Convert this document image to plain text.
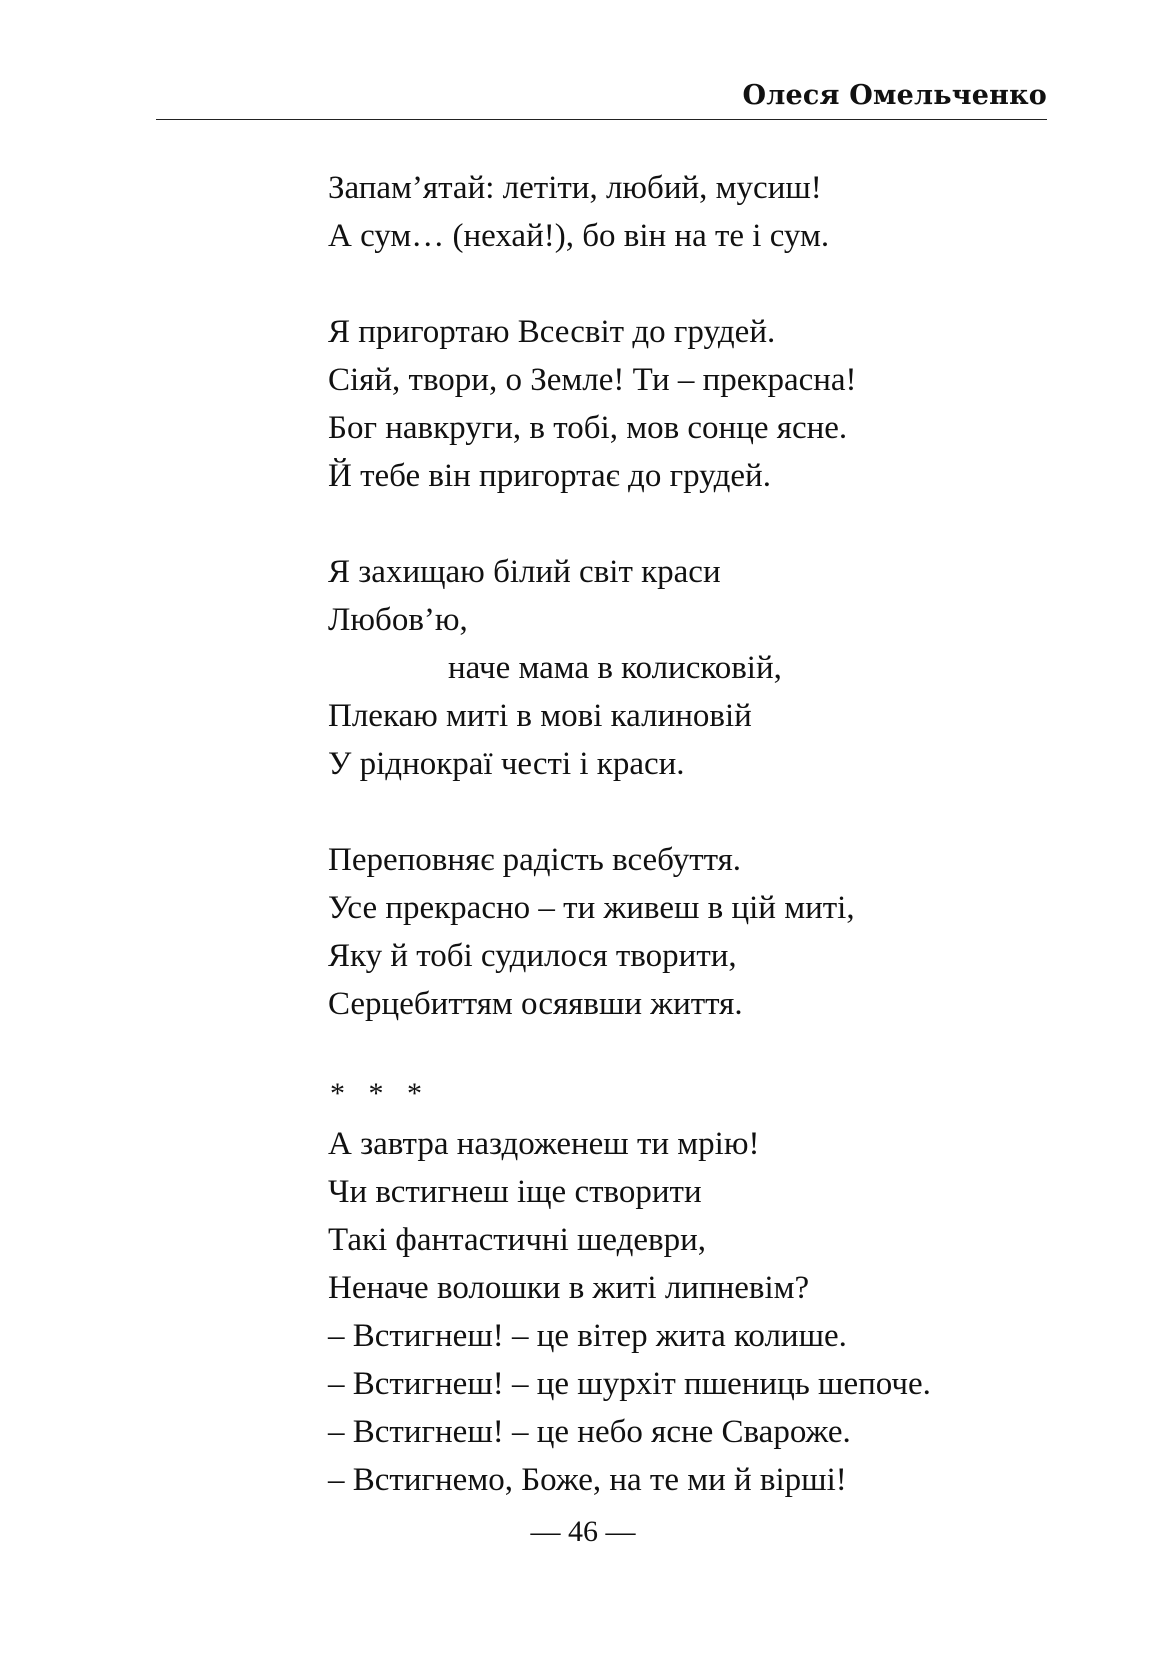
Олеся Омельченко
Запам’ятай: летіти, любий, мусиш!
А сум… (нехай!), бо він на те і сум.
Я пригортаю Всесвіт до грудей.
Сіяй, твори, о Земле! Ти – прекрасна!
Бог навкруги, в тобі, мов сонце ясне.
Й тебе він пригортає до грудей.
Я захищаю білий світ краси
Любов’ю,
наче мама в колисковій,
Плекаю миті в мові калиновій
У ріднокраї честі і краси.
Переповняє радість всебуття.
Усе прекрасно – ти живеш в цій миті,
Яку й тобі судилося творити,
Серцебиттям осяявши життя.
* * *
А завтра наздоженеш ти мрію!
Чи встигнеш іще створити
Такі фантастичні шедеври,
Неначе волошки в житі липневім?
– Встигнеш! – це вітер жита колише.
– Встигнеш! – це шурхіт пшениць шепоче.
– Встигнеш! – це небо ясне Свароже.
– Встигнемо, Боже, на те ми й вірші!
— 46 —
